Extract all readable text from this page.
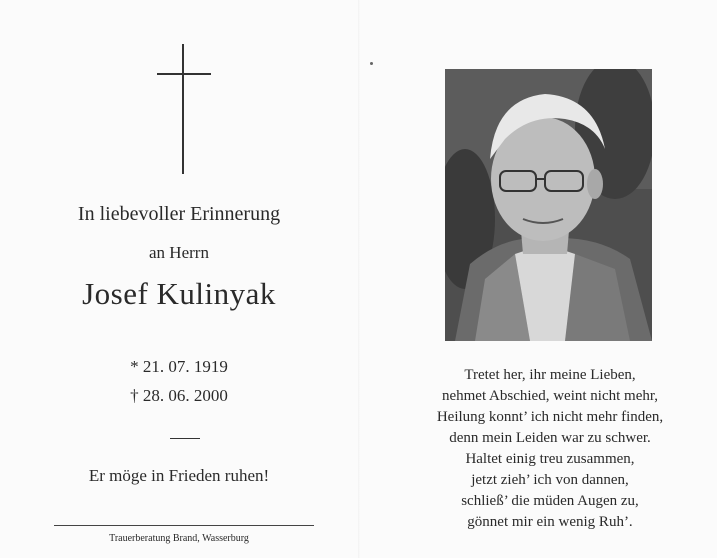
In liebevoller Erinnerung
an Herrn
Josef Kulinyak
* 21. 07. 1919
† 28. 06. 2000
Er möge in Frieden ruhen!
Trauerberatung Brand, Wasserburg
Tretet her, ihr meine Lieben,
nehmet Abschied, weint nicht mehr,
Heilung konnt’ ich nicht mehr finden,
denn mein Leiden war zu schwer.
Haltet einig treu zusammen,
jetzt zieh’ ich von dannen,
schließ’ die müden Augen zu,
gönnet mir ein wenig Ruh’.
